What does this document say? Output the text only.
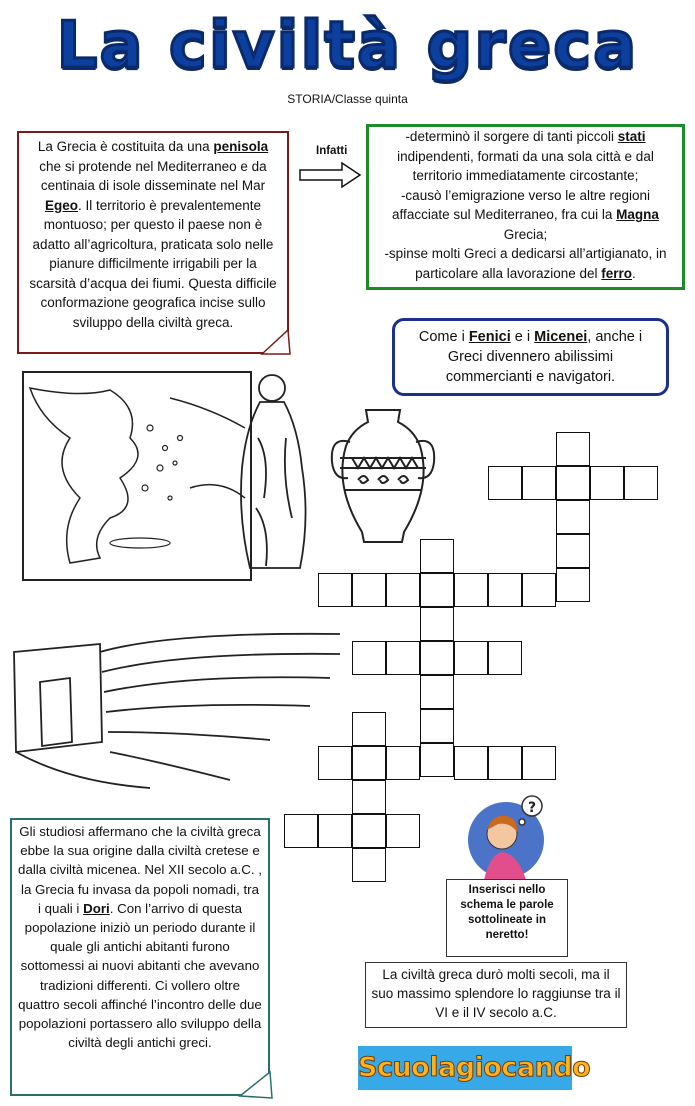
La civiltà greca
STORIA/Classe quinta
La Grecia è costituita da una penisola che si protende nel Mediterraneo e da centinaia di isole disseminate nel Mar Egeo. Il territorio è prevalentemente montuoso; per questo il paese non è adatto all’agricoltura, praticata solo nelle pianure difficilmente irrigabili per la scarsità d’acqua dei fiumi. Questa difficile conformazione geografica incise sullo sviluppo della civiltà greca.
Infatti
-determinò il sorgere di tanti piccoli stati indipendenti, formati da una sola città e dal territorio immediatamente circostante;
-causò l’emigrazione verso le altre regioni affacciate sul Mediterraneo, fra cui la Magna Grecia;
-spinse molti Greci a dedicarsi all’artigianato, in particolare alla lavorazione del ferro.
Come i Fenici e i Micenei, anche i Greci divennero abilissimi commercianti e navigatori.
Gli studiosi affermano che la civiltà greca ebbe la sua origine dalla civiltà cretese e dalla civiltà micenea. Nel XII secolo a.C. , la Grecia fu invasa da popoli nomadi, tra i quali i Dori. Con l’arrivo di questa popolazione iniziò un periodo durante il quale gli antichi abitanti furono sottomessi ai nuovi abitanti che avevano tradizioni differenti. Ci vollero oltre quattro secoli affinché l’incontro delle due popolazioni portassero allo sviluppo della civiltà degli antichi greci.
?
Inserisci nello schema le parole sottolineate in neretto!
La civiltà greca durò molti secoli, ma il suo massimo splendore lo raggiunse tra il VI e il IV secolo a.C.
Scuolagiocando
